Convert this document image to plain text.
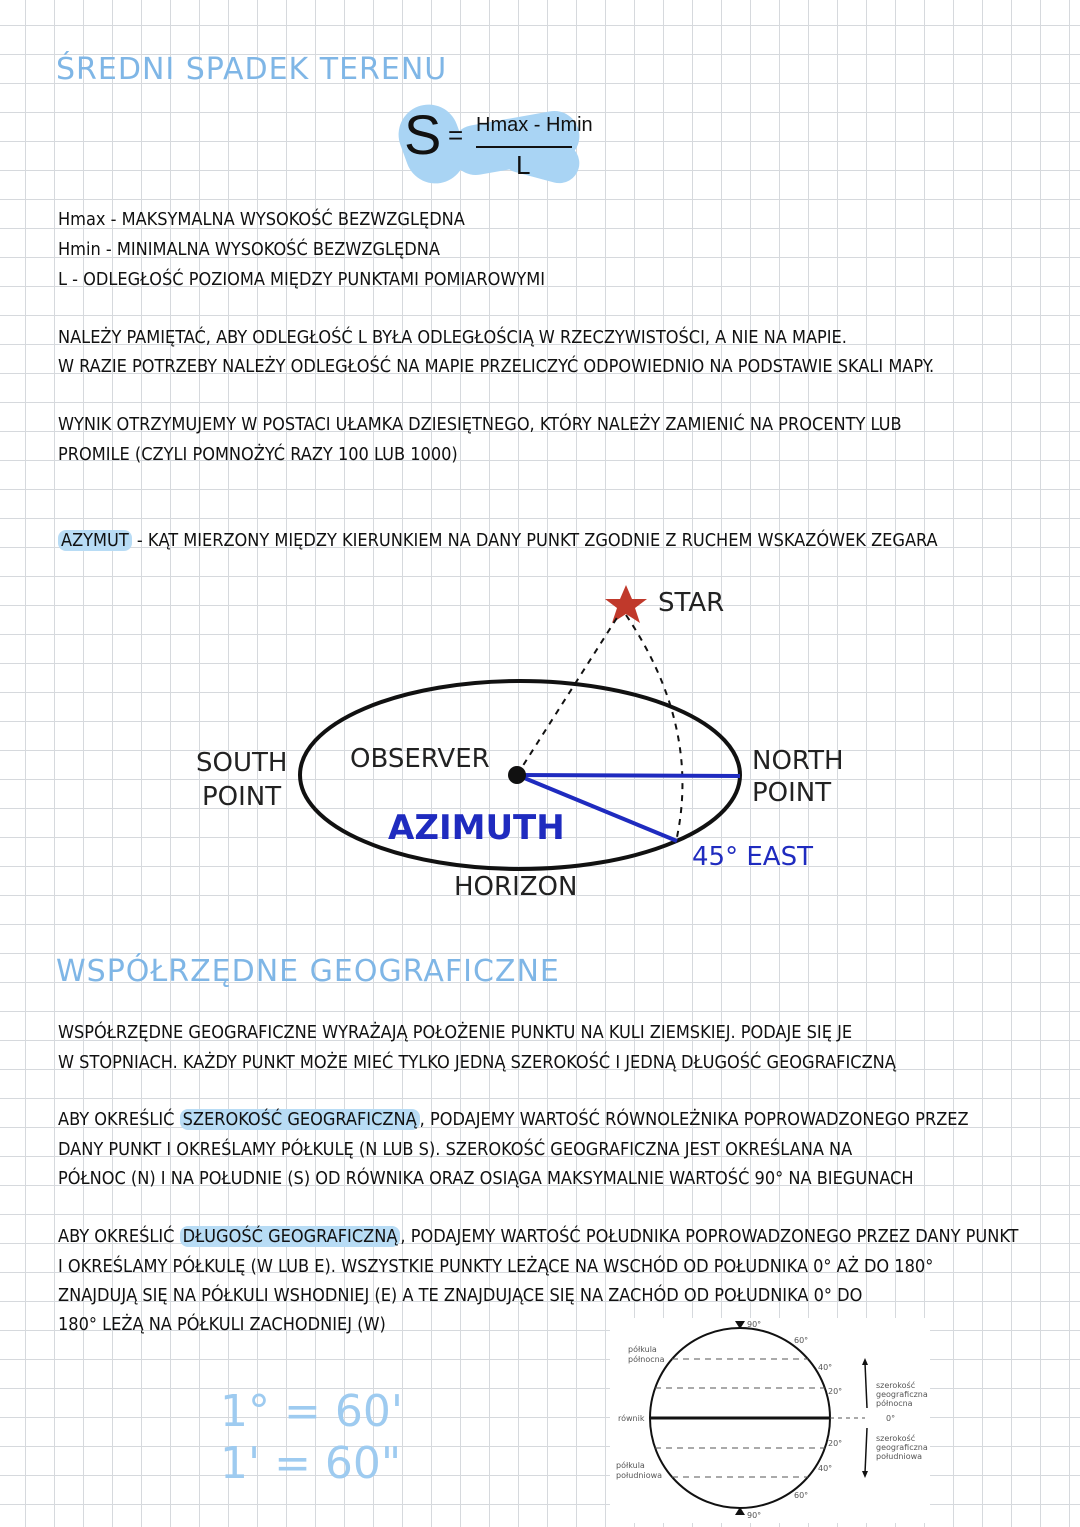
ŚREDNI SPADEK TERENU
S = Hmax - Hmin
L
Hmax - MAKSYMALNA WYSOKOŚĆ BEZWZGLĘDNA
Hmin - MINIMALNA WYSOKOŚĆ BEZWZGLĘDNA
L - ODLEGŁOŚĆ POZIOMA MIĘDZY PUNKTAMI POMIAROWYMI
NALEŻY PAMIĘTAĆ, ABY ODLEGŁOŚĆ L BYŁA ODLEGŁOŚCIĄ W RZECZYWISTOŚCI, A NIE NA MAPIE.
W RAZIE POTRZEBY NALEŻY ODLEGŁOŚĆ NA MAPIE PRZELICZYĆ ODPOWIEDNIO NA PODSTAWIE SKALI MAPY.
WYNIK OTRZYMUJEMY W POSTACI UŁAMKA DZIESIĘTNEGO, KTÓRY NALEŻY ZAMIENIĆ NA PROCENTY LUB
PROMILE (CZYLI POMNOŻYĆ RAZY 100 LUB 1000)
AZYMUT - KĄT MIERZONY MIĘDZY KIERUNKIEM NA DANY PUNKT ZGODNIE Z RUCHEM WSKAZÓWEK ZEGARA
STAR
SOUTH
POINT
OBSERVER	NORTH
POINT
AZIMUTH
45° EAST
HORIZON
WSPÓŁRZĘDNE GEOGRAFICZNE
WSPÓŁRZĘDNE GEOGRAFICZNE WYRAŻAJĄ POŁOŻENIE PUNKTU NA KULI ZIEMSKIEJ. PODAJE SIĘ JE
W STOPNIACH. KAŻDY PUNKT MOŻE MIEĆ TYLKO JEDNĄ SZEROKOŚĆ I JEDNĄ DŁUGOŚĆ GEOGRAFICZNĄ
ABY OKREŚLIĆ SZEROKOŚĆ GEOGRAFICZNĄ , PODAJEMY WARTOŚĆ RÓWNOLEŻNIKA POPROWADZONEGO PRZEZ
DANY PUNKT I OKREŚLAMY PÓŁKULĘ (N LUB S). SZEROKOŚĆ GEOGRAFICZNA JEST OKREŚLANA NA
PÓŁNOC (N) I NA POŁUDNIE (S) OD RÓWNIKA ORAZ OSIĄGA MAKSYMALNIE WARTOŚĆ 90° NA BIEGUNACH
ABY OKREŚLIĆ DŁUGOŚĆ GEOGRAFICZNĄ , PODAJEMY WARTOŚĆ POŁUDNIKA POPROWADZONEGO PRZEZ DANY PUNKT
I OKREŚLAMY PÓŁKULĘ (W LUB E). WSZYSTKIE PUNKTY LEŻĄCE NA WSCHÓD OD POŁUDNIKA 0° AŻ DO 180°
ZNAJDUJĄ SIĘ NA PÓŁKULI WSHODNIEJ (E) A TE ZNAJDUJĄCE SIĘ NA ZACHÓD OD POŁUDNIKA 0° DO
180° LEŻĄ NA PÓŁKULI ZACHODNIEJ (W)
1° = 60'
1' = 60"
półkula
północna
równik
półkula
południowa
90°
90°
60°
60°
40°
40°
20°
20°
0°
szerokość
geograficzna
północna
szerokość
geograficzna
południowa
